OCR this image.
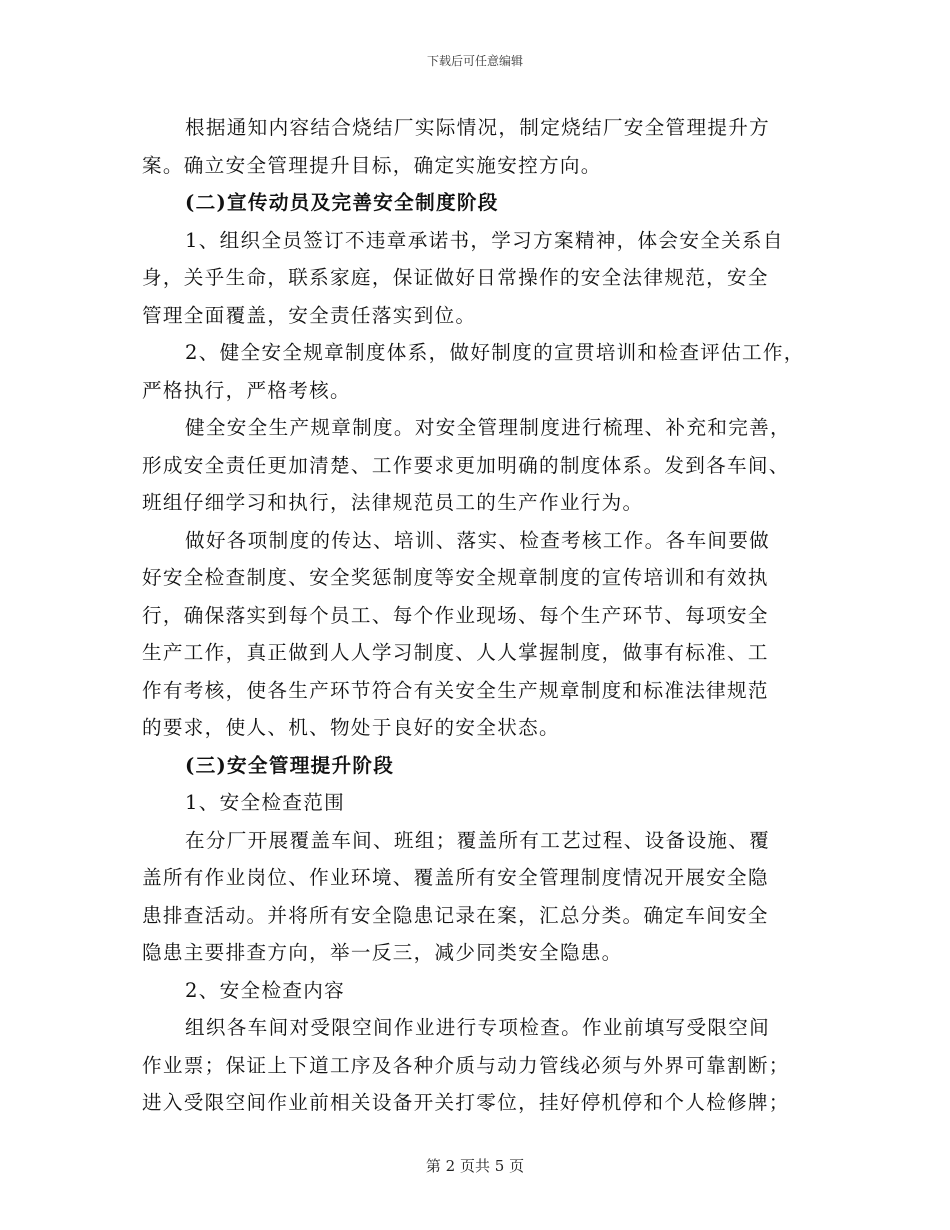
下载后可任意编辑

根据通知内容结合烧结厂实际情况，制定烧结厂安全管理提升方

案。确立安全管理提升目标，确定实施安控方向。

(二)宣传动员及完善安全制度阶段

1、组织全员签订不违章承诺书，学习方案精神，体会安全关系自

身，关乎生命，联系家庭，保证做好日常操作的安全法律规范，安全

管理全面覆盖，安全责任落实到位。

2、健全安全规章制度体系，做好制度的宣贯培训和检查评估工作，

严格执行，严格考核。

健全安全生产规章制度。对安全管理制度进行梳理、补充和完善，

形成安全责任更加清楚、工作要求更加明确的制度体系。发到各车间、

班组仔细学习和执行，法律规范员工的生产作业行为。

做好各项制度的传达、培训、落实、检查考核工作。各车间要做

好安全检查制度、安全奖惩制度等安全规章制度的宣传培训和有效执

行，确保落实到每个员工、每个作业现场、每个生产环节、每项安全

生产工作，真正做到人人学习制度、人人掌握制度，做事有标准、工

作有考核，使各生产环节符合有关安全生产规章制度和标准法律规范

的要求，使人、机、物处于良好的安全状态。

(三)安全管理提升阶段

1、安全检查范围

在分厂开展覆盖车间、班组；覆盖所有工艺过程、设备设施、覆

盖所有作业岗位、作业环境、覆盖所有安全管理制度情况开展安全隐

患排查活动。并将所有安全隐患记录在案，汇总分类。确定车间安全

隐患主要排查方向，举一反三，减少同类安全隐患。

2、安全检查内容

组织各车间对受限空间作业进行专项检查。作业前填写受限空间

作业票；保证上下道工序及各种介质与动力管线必须与外界可靠割断；

进入受限空间作业前相关设备开关打零位，挂好停机停和个人检修牌；

第 2 页共 5 页
